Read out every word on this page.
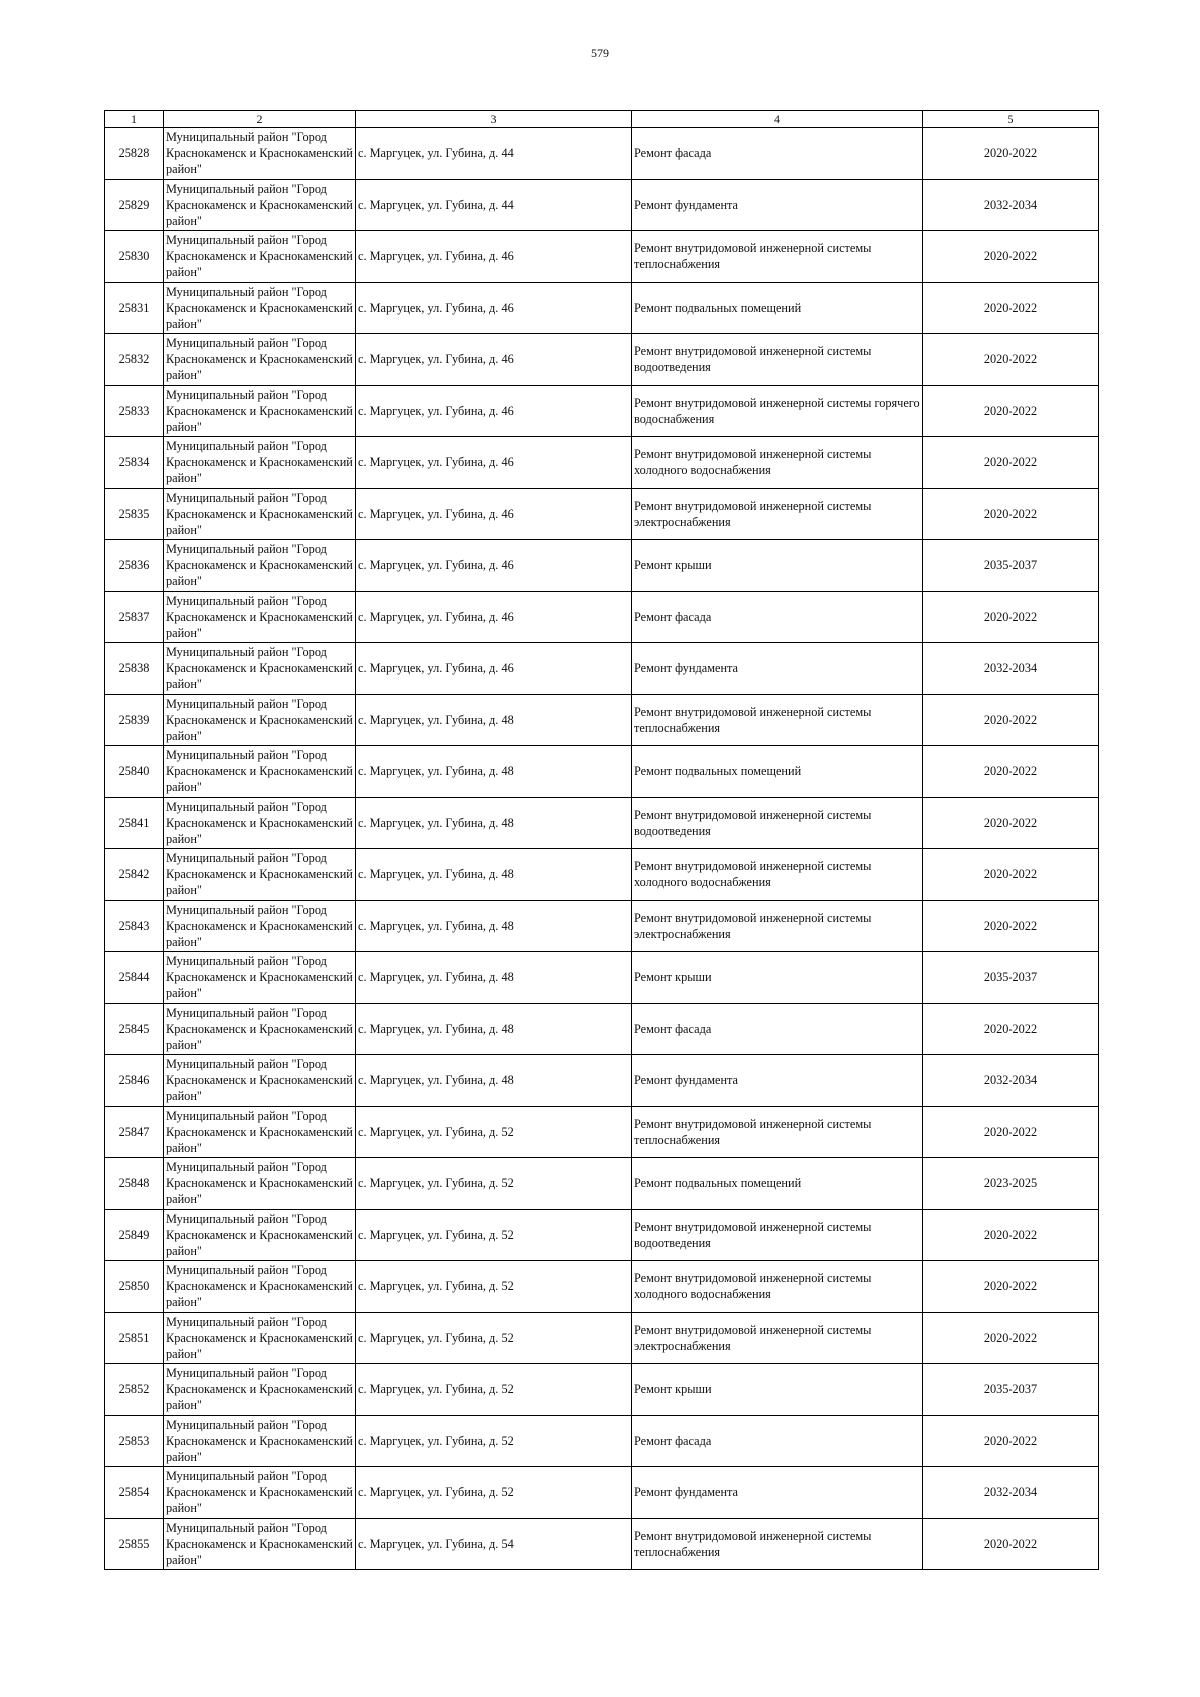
579
1	2	3	4	5
25828	Муниципальный район "Город Краснокаменск и Краснокаменский район"	с. Маргуцек, ул. Губина, д. 44	Ремонт фасада	2020-2022
25829	Муниципальный район "Город Краснокаменск и Краснокаменский район"	с. Маргуцек, ул. Губина, д. 44	Ремонт фундамента	2032-2034
25830	Муниципальный район "Город Краснокаменск и Краснокаменский район"	с. Маргуцек, ул. Губина, д. 46	Ремонт внутридомовой инженерной системы теплоснабжения	2020-2022
25831	Муниципальный район "Город Краснокаменск и Краснокаменский район"	с. Маргуцек, ул. Губина, д. 46	Ремонт подвальных помещений	2020-2022
25832	Муниципальный район "Город Краснокаменск и Краснокаменский район"	с. Маргуцек, ул. Губина, д. 46	Ремонт внутридомовой инженерной системы водоотведения	2020-2022
25833	Муниципальный район "Город Краснокаменск и Краснокаменский район"	с. Маргуцек, ул. Губина, д. 46	Ремонт внутридомовой инженерной системы горячего водоснабжения	2020-2022
25834	Муниципальный район "Город Краснокаменск и Краснокаменский район"	с. Маргуцек, ул. Губина, д. 46	Ремонт внутридомовой инженерной системы холодного водоснабжения	2020-2022
25835	Муниципальный район "Город Краснокаменск и Краснокаменский район"	с. Маргуцек, ул. Губина, д. 46	Ремонт внутридомовой инженерной системы электроснабжения	2020-2022
25836	Муниципальный район "Город Краснокаменск и Краснокаменский район"	с. Маргуцек, ул. Губина, д. 46	Ремонт крыши	2035-2037
25837	Муниципальный район "Город Краснокаменск и Краснокаменский район"	с. Маргуцек, ул. Губина, д. 46	Ремонт фасада	2020-2022
25838	Муниципальный район "Город Краснокаменск и Краснокаменский район"	с. Маргуцек, ул. Губина, д. 46	Ремонт фундамента	2032-2034
25839	Муниципальный район "Город Краснокаменск и Краснокаменский район"	с. Маргуцек, ул. Губина, д. 48	Ремонт внутридомовой инженерной системы теплоснабжения	2020-2022
25840	Муниципальный район "Город Краснокаменск и Краснокаменский район"	с. Маргуцек, ул. Губина, д. 48	Ремонт подвальных помещений	2020-2022
25841	Муниципальный район "Город Краснокаменск и Краснокаменский район"	с. Маргуцек, ул. Губина, д. 48	Ремонт внутридомовой инженерной системы водоотведения	2020-2022
25842	Муниципальный район "Город Краснокаменск и Краснокаменский район"	с. Маргуцек, ул. Губина, д. 48	Ремонт внутридомовой инженерной системы холодного водоснабжения	2020-2022
25843	Муниципальный район "Город Краснокаменск и Краснокаменский район"	с. Маргуцек, ул. Губина, д. 48	Ремонт внутридомовой инженерной системы электроснабжения	2020-2022
25844	Муниципальный район "Город Краснокаменск и Краснокаменский район"	с. Маргуцек, ул. Губина, д. 48	Ремонт крыши	2035-2037
25845	Муниципальный район "Город Краснокаменск и Краснокаменский район"	с. Маргуцек, ул. Губина, д. 48	Ремонт фасада	2020-2022
25846	Муниципальный район "Город Краснокаменск и Краснокаменский район"	с. Маргуцек, ул. Губина, д. 48	Ремонт фундамента	2032-2034
25847	Муниципальный район "Город Краснокаменск и Краснокаменский район"	с. Маргуцек, ул. Губина, д. 52	Ремонт внутридомовой инженерной системы теплоснабжения	2020-2022
25848	Муниципальный район "Город Краснокаменск и Краснокаменский район"	с. Маргуцек, ул. Губина, д. 52	Ремонт подвальных помещений	2023-2025
25849	Муниципальный район "Город Краснокаменск и Краснокаменский район"	с. Маргуцек, ул. Губина, д. 52	Ремонт внутридомовой инженерной системы водоотведения	2020-2022
25850	Муниципальный район "Город Краснокаменск и Краснокаменский район"	с. Маргуцек, ул. Губина, д. 52	Ремонт внутридомовой инженерной системы холодного водоснабжения	2020-2022
25851	Муниципальный район "Город Краснокаменск и Краснокаменский район"	с. Маргуцек, ул. Губина, д. 52	Ремонт внутридомовой инженерной системы электроснабжения	2020-2022
25852	Муниципальный район "Город Краснокаменск и Краснокаменский район"	с. Маргуцек, ул. Губина, д. 52	Ремонт крыши	2035-2037
25853	Муниципальный район "Город Краснокаменск и Краснокаменский район"	с. Маргуцек, ул. Губина, д. 52	Ремонт фасада	2020-2022
25854	Муниципальный район "Город Краснокаменск и Краснокаменский район"	с. Маргуцек, ул. Губина, д. 52	Ремонт фундамента	2032-2034
25855	Муниципальный район "Город Краснокаменск и Краснокаменский район"	с. Маргуцек, ул. Губина, д. 54	Ремонт внутридомовой инженерной системы теплоснабжения	2020-2022
